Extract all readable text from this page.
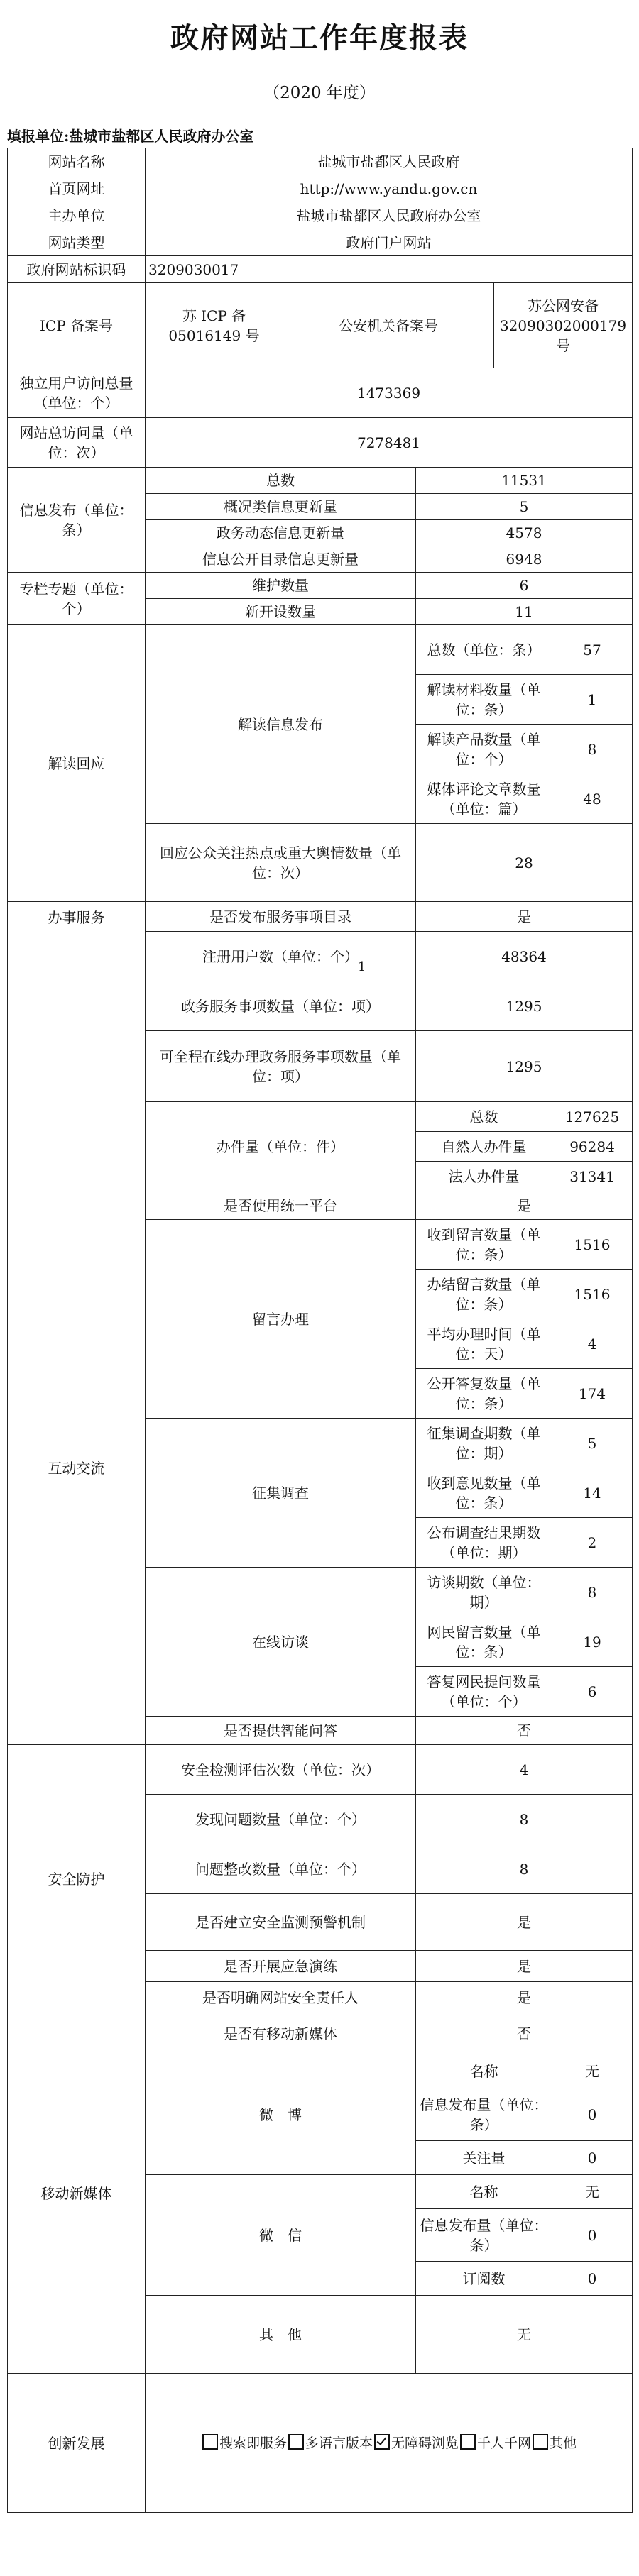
政府网站工作年度报表
（2020 年度）
填报单位:盐城市盐都区人民政府办公室
1
网站名称	盐城市盐都区人民政府				
首页网址	http://www.yandu.gov.cn				
主办单位	盐城市盐都区人民政府办公室				
网站类型	政府门户网站				
政府网站标识码	3209030017				
ICP 备案号	苏 ICP 备 05016149 号	公安机关备案号		苏公网安备 32090302000179 号	
独立用户访问总量（单位：个）	1473369				
网站总访问量（单位：次）	7278481				
信息发布（单位：条）	总数		11531		
	概况类信息更新量		5		
	政务动态信息更新量		4578		
	信息公开目录信息更新量		6948		
专栏专题（单位：个）	维护数量		6		
	新开设数量		11		
解读回应	解读信息发布		总数（单位：条）		57
			解读材料数量（单位：条）		1
			解读产品数量（单位：个）		8
			媒体评论文章数量（单位：篇）		48
	回应公众关注热点或重大舆情数量（单位：次）		28		
办事服务	是否发布服务事项目录		是		
	注册用户数（单位：个）		48364		
	政务服务事项数量（单位：项）		1295		
	可全程在线办理政务服务事项数量（单位：项）		1295		
	办件量（单位：件）		总数		127625
			自然人办件量		96284
			法人办件量		31341
互动交流	是否使用统一平台		是		
	留言办理		收到留言数量（单位：条）		1516
			办结留言数量（单位：条）		1516
			平均办理时间（单位：天）		4
			公开答复数量（单位：条）		174
	征集调查		征集调查期数（单位：期）		5
			收到意见数量（单位：条）		14
			公布调查结果期数（单位：期）		2
	在线访谈		访谈期数（单位：期）		8
			网民留言数量（单位：条）		19
			答复网民提问数量（单位：个）		6
	是否提供智能问答		否		
安全防护	安全检测评估次数（单位：次）		4		
	发现问题数量（单位：个）		8		
	问题整改数量（单位：个）		8		
	是否建立安全监测预警机制		是		
	是否开展应急演练		是		
	是否明确网站安全责任人		是		
移动新媒体	是否有移动新媒体		否		
	微　博		名称		无
			信息发布量（单位：条）		0
			关注量		0
	微　信		名称		无
			信息发布量（单位：条）		0
			订阅数		0
	其　他		无		
创新发展	搜索即服务 多语言版本 无障碍浏览 千人千网 其他				
